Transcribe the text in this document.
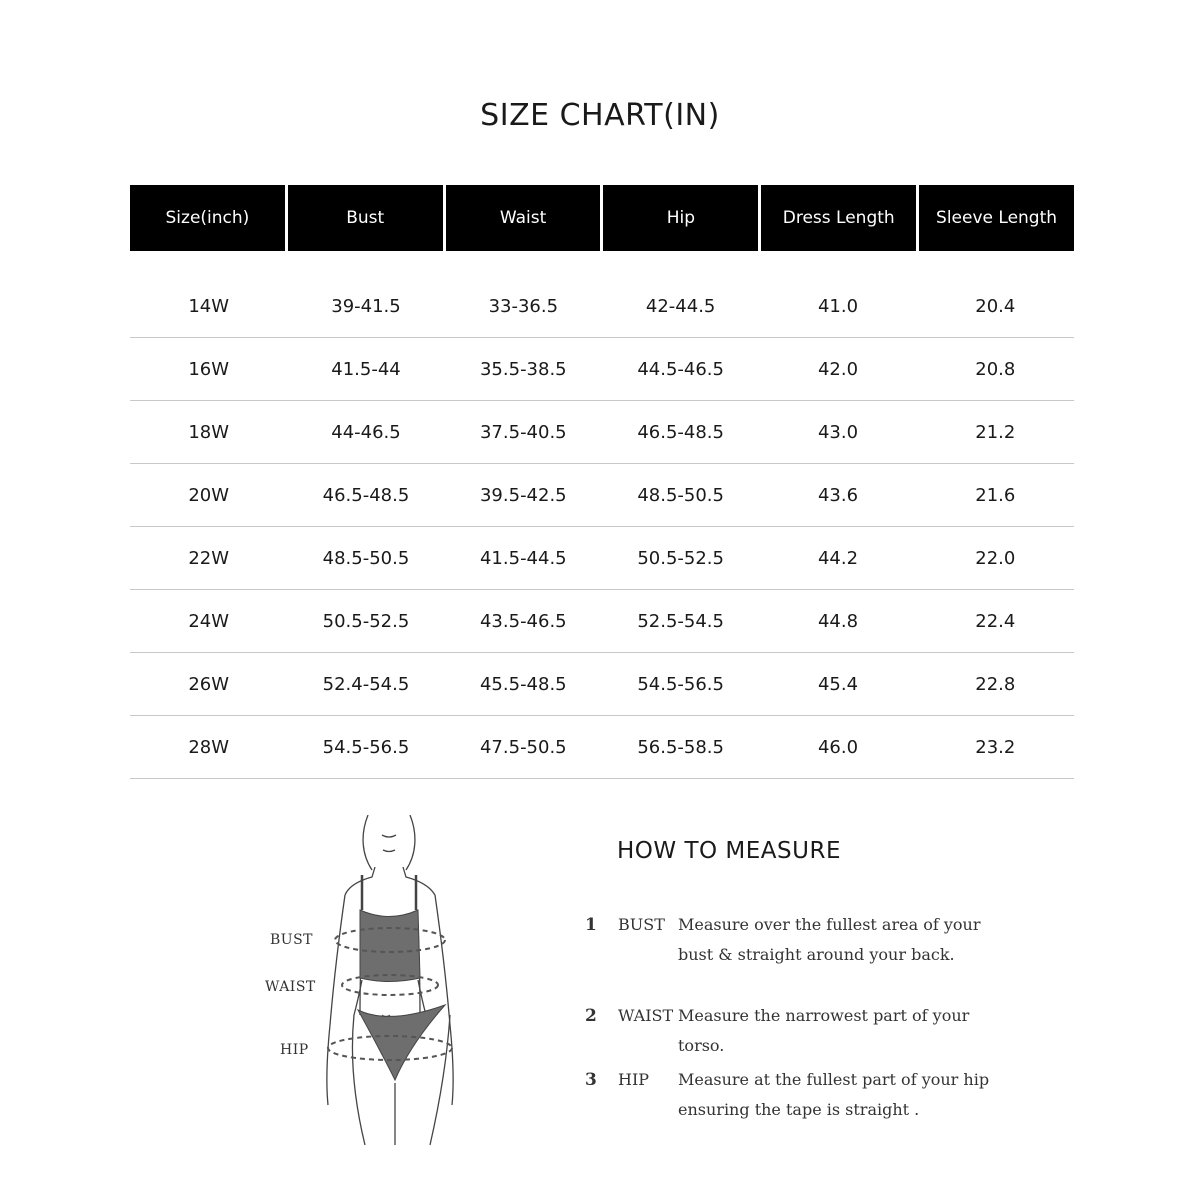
SIZE CHART(IN)
Size(inch)	Bust	Waist	Hip	Dress Length	Sleeve Length
14W	39-41.5	33-36.5	42-44.5	41.0	20.4
16W	41.5-44	35.5-38.5	44.5-46.5	42.0	20.8
18W	44-46.5	37.5-40.5	46.5-48.5	43.0	21.2
20W	46.5-48.5	39.5-42.5	48.5-50.5	43.6	21.6
22W	48.5-50.5	41.5-44.5	50.5-52.5	44.2	22.0
24W	50.5-52.5	43.5-46.5	52.5-54.5	44.8	22.4
26W	52.4-54.5	45.5-48.5	54.5-56.5	45.4	22.8
28W	54.5-56.5	47.5-50.5	56.5-58.5	46.0	23.2
BUST
WAIST
HIP
HOW TO MEASURE
1 BUST Measure over the fullest area of your bust & straight around your back.
2 WAIST Measure the narrowest part of your torso.
3 HIP Measure at the fullest part of your hip ensuring the tape is straight .
